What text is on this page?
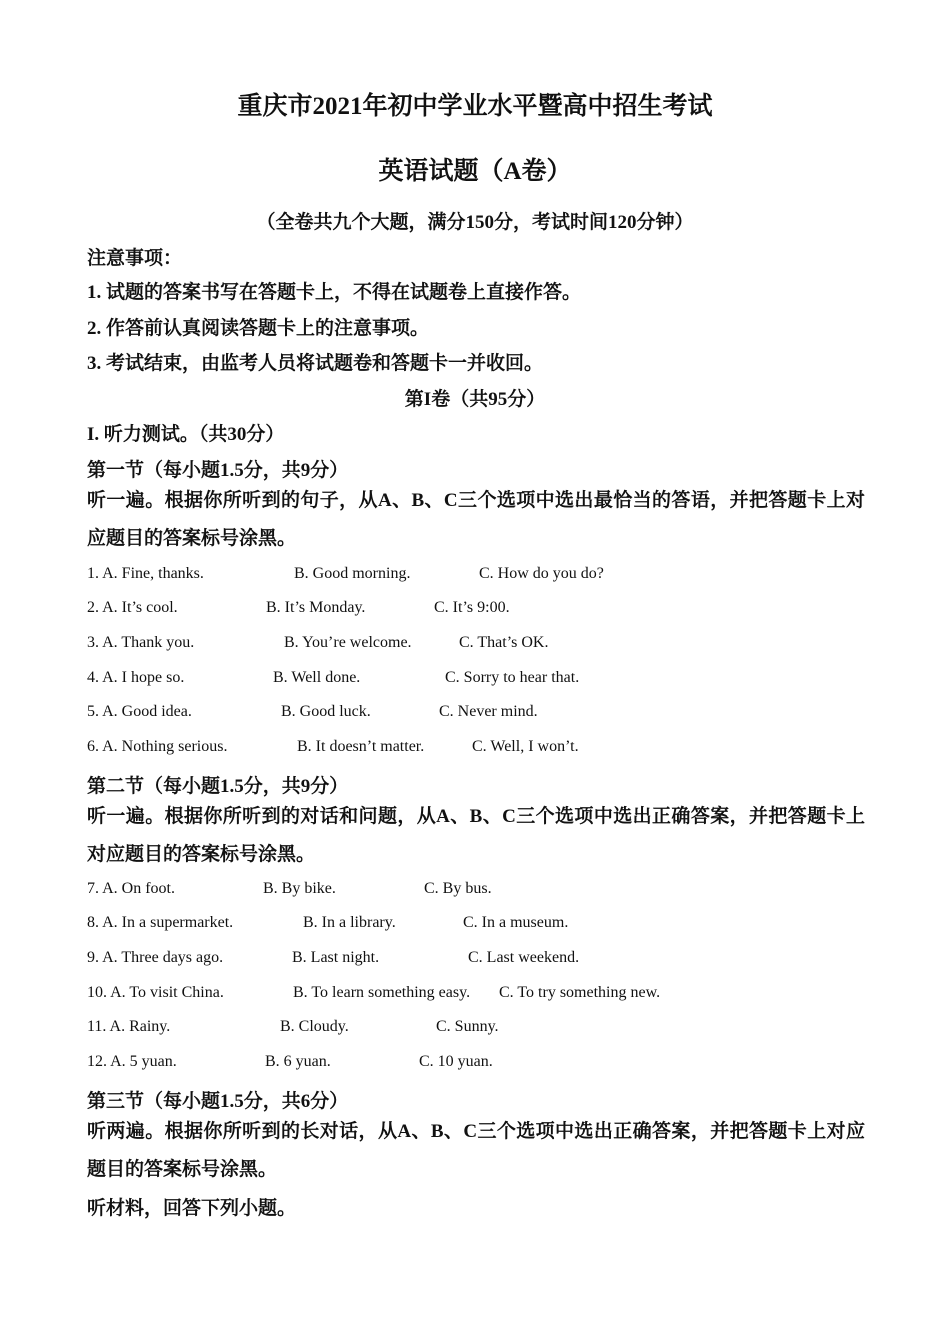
重庆市2021年初中学业水平暨高中招生考试
英语试题（A卷）
（全卷共九个大题，满分150分，考试时间120分钟）
注意事项：
1. 试题的答案书写在答题卡上，不得在试题卷上直接作答。
2. 作答前认真阅读答题卡上的注意事项。
3. 考试结束，由监考人员将试题卷和答题卡一并收回。
第I卷（共95分）
I. 听力测试。（共30分）
第一节（每小题1.5分，共9分）
听一遍。根据你所听到的句子，从A、B、C三个选项中选出最恰当的答语，并把答题卡上对应题目的答案标号涂黑。
1. A. Fine, thanks.	B. Good morning.	C. How do you do?
2. A. It’s cool.	B. It’s Monday.	C. It’s 9:00.
3. A. Thank you.	B. You’re welcome.	C. That’s OK.
4. A. I hope so.	B. Well done.	C. Sorry to hear that.
5. A. Good idea.	B. Good luck.	C. Never mind.
6. A. Nothing serious.	B. It doesn’t matter.	C. Well, I won’t.
第二节（每小题1.5分，共9分）
听一遍。根据你所听到的对话和问题，从A、B、C三个选项中选出正确答案，并把答题卡上对应题目的答案标号涂黑。
7. A. On foot.	B. By bike.	C. By bus.
8. A. In a supermarket.	B. In a library.	C. In a museum.
9. A. Three days ago.	B. Last night.	C. Last weekend.
10. A. To visit China.	B. To learn something easy. C. To try something new.
11. A. Rainy.	B. Cloudy.	C. Sunny.
12. A. 5 yuan.	B. 6 yuan.	C. 10 yuan.
第三节（每小题1.5分，共6分）
听两遍。根据你所听到的长对话，从A、B、C三个选项中选出正确答案，并把答题卡上对应题目的答案标号涂黑。
听材料，回答下列小题。
